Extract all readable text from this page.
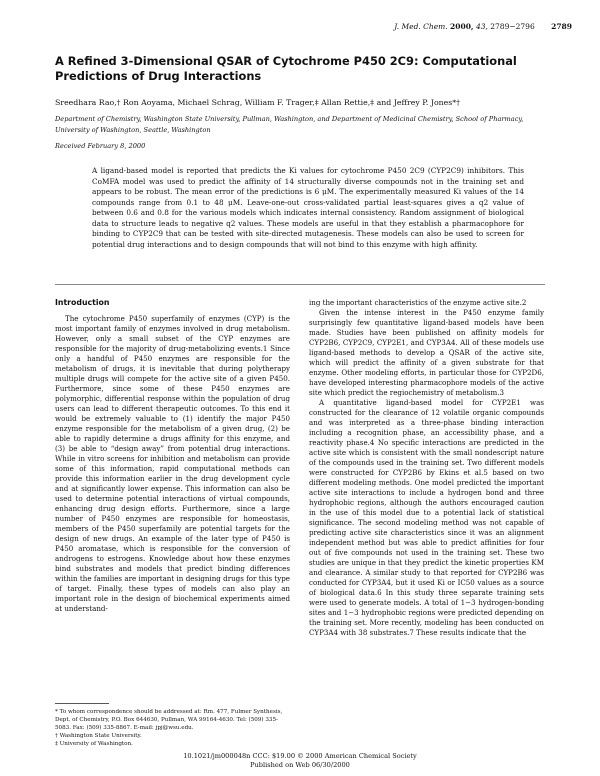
J. Med. Chem. 2000, 43, 2789−2796 2789
A Refined 3-Dimensional QSAR of Cytochrome P450 2C9: Computational Predictions of Drug Interactions
Sreedhara Rao,† Ron Aoyama, Michael Schrag, William F. Trager,‡ Allan Rettie,‡ and Jeffrey P. Jones*†
Department of Chemistry, Washington State University, Pullman, Washington, and Department of Medicinal Chemistry, School of Pharmacy, University of Washington, Seattle, Washington
Received February 8, 2000
A ligand-based model is reported that predicts the Ki values for cytochrome P450 2C9 (CYP2C9) inhibitors. This CoMFA model was used to predict the affinity of 14 structurally diverse compounds not in the training set and appears to be robust. The mean error of the predictions is 6 μM. The experimentally measured Ki values of the 14 compounds range from 0.1 to 48 μM. Leave-one-out cross-validated partial least-squares gives a q2 value of between 0.6 and 0.8 for the various models which indicates internal consistency. Random assignment of biological data to structure leads to negative q2 values. These models are useful in that they establish a pharmacophore for binding to CYP2C9 that can be tested with site-directed mutagenesis. These models can also be used to screen for potential drug interactions and to design compounds that will not bind to this enzyme with high affinity.
Introduction

The cytochrome P450 superfamily of enzymes (CYP) is the most important family of enzymes involved in drug metabolism. However, only a small subset of the CYP enzymes are responsible for the majority of drug-metabolizing events.1 Since only a handful of P450 enzymes are responsible for the metabolism of drugs, it is inevitable that during polytherapy multiple drugs will compete for the active site of a given P450. Furthermore, since some of these P450 enzymes are polymorphic, differential response within the population of drug users can lead to different therapeutic outcomes. To this end it would be extremely valuable to (1) identify the major P450 enzyme responsible for the metabolism of a given drug, (2) be able to rapidly determine a drugs affinity for this enzyme, and (3) be able to “design away” from potential drug interactions. While in vitro screens for inhibition and metabolism can provide some of this information, rapid computational methods can provide this information earlier in the drug development cycle and at significantly lower expense. This information can also be used to determine potential interactions of virtual compounds, enhancing drug design efforts. Furthermore, since a large number of P450 enzymes are responsible for homeostasis, members of the P450 superfamily are potential targets for the design of new drugs. An example of the later type of P450 is P450 aromatase, which is responsible for the conversion of androgens to estrogens. Knowledge about how these enzymes bind substrates and models that predict binding differences within the families are important in designing drugs for this type of target. Finally, these types of models can also play an important role in the design of biochemical experiments aimed at understand-

ing the important characteristics of the enzyme active site.2

Given the intense interest in the P450 enzyme family surprisingly few quantitative ligand-based models have been made. Studies have been published on affinity models for CYP2B6, CYP2C9, CYP2E1, and CYP3A4. All of these models use ligand-based methods to develop a QSAR of the active site, which will predict the affinity of a given substrate for that enzyme. Other modeling efforts, in particular those for CYP2D6, have developed interesting pharmacophore models of the active site which predict the regiochemistry of metabolism.3

A quantitative ligand-based model for CYP2E1 was constructed for the clearance of 12 volatile organic compounds and was interpreted as a three-phase binding interaction including a recognition phase, an accessibility phase, and a reactivity phase.4 No specific interactions are predicted in the active site which is consistent with the small nondescript nature of the compounds used in the training set. Two different models were constructed for CYP2B6 by Ekins et al.5 based on two different modeling methods. One model predicted the important active site interactions to include a hydrogen bond and three hydrophobic regions, although the authors encouraged caution in the use of this model due to a potential lack of statistical significance. The second modeling method was not capable of predicting active site characteristics since it was an alignment independent method but was able to predict affinities for four out of five compounds not used in the training set. These two studies are unique in that they predict the kinetic properties KM and clearance. A similar study to that reported for CYP2B6 was conducted for CYP3A4, but it used Ki or IC50 values as a source of biological data.6 In this study three separate training sets were used to generate models. A total of 1−3 hydrogen-bonding sites and 1−3 hydrophobic regions were predicted depending on the training set. More recently, modeling has been conducted on CYP3A4 with 38 substrates.7 These results indicate that the

* To whom correspondence should be addressed at: Rm. 477, Fulmer Synthesis, Dept. of Chemistry, P.O. Box 644630, Pullman, WA 99164-4630. Tel: (509) 335-5083. Fax: (509) 335-8867. E-mail: jpj@wsu.edu.
† Washington State University.
‡ University of Washington.
10.1021/jm000048n CCC: $19.00 © 2000 American Chemical Society
Published on Web 06/30/2000
